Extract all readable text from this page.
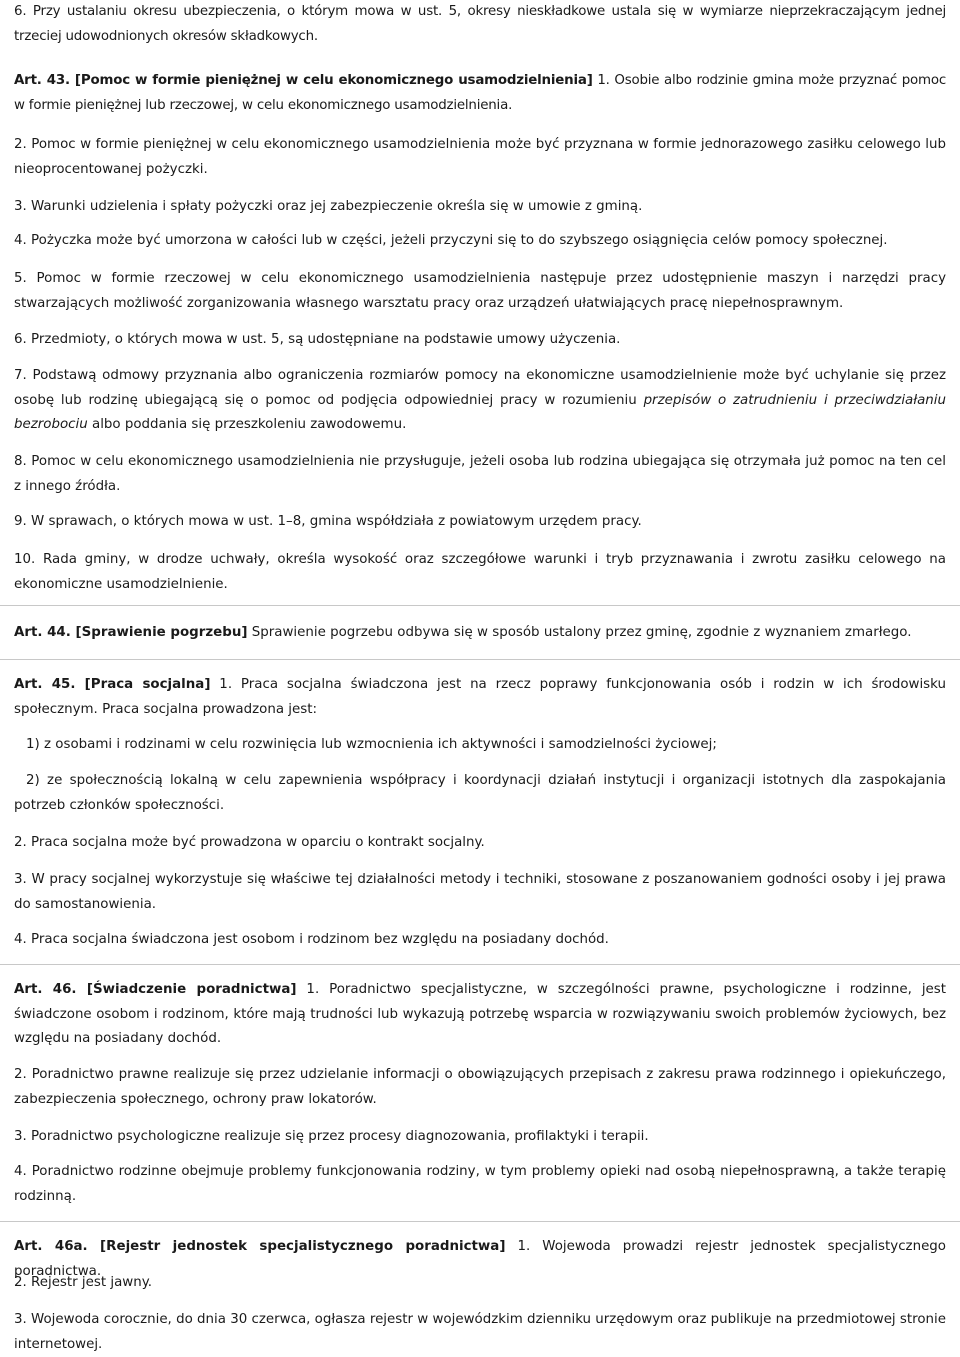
6. Przy ustalaniu okresu ubezpieczenia, o którym mowa w ust. 5, okresy nieskładkowe ustala się w wymiarze nieprzekraczającym jednej trzeciej udowodnionych okresów składkowych.

Art. 43. [Pomoc w formie pieniężnej w celu ekonomicznego usamodzielnienia] 1. Osobie albo rodzinie gmina może przyznać pomoc w formie pieniężnej lub rzeczowej, w celu ekonomicznego usamodzielnienia.

2. Pomoc w formie pieniężnej w celu ekonomicznego usamodzielnienia może być przyznana w formie jednorazowego zasiłku celowego lub nieoprocentowanej pożyczki.

3. Warunki udzielenia i spłaty pożyczki oraz jej zabezpieczenie określa się w umowie z gminą.

4. Pożyczka może być umorzona w całości lub w części, jeżeli przyczyni się to do szybszego osiągnięcia celów pomocy społecznej.

5. Pomoc w formie rzeczowej w celu ekonomicznego usamodzielnienia następuje przez udostępnienie maszyn i narzędzi pracy stwarzających możliwość zorganizowania własnego warsztatu pracy oraz urządzeń ułatwiających pracę niepełnosprawnym.

6. Przedmioty, o których mowa w ust. 5, są udostępniane na podstawie umowy użyczenia.

7. Podstawą odmowy przyznania albo ograniczenia rozmiarów pomocy na ekonomiczne usamodzielnienie może być uchylanie się przez osobę lub rodzinę ubiegającą się o pomoc od podjęcia odpowiedniej pracy w rozumieniu przepisów o zatrudnieniu i przeciwdziałaniu bezrobociu albo poddania się przeszkoleniu zawodowemu.

8. Pomoc w celu ekonomicznego usamodzielnienia nie przysługuje, jeżeli osoba lub rodzina ubiegająca się otrzymała już pomoc na ten cel z innego źródła.

9. W sprawach, o których mowa w ust. 1–8, gmina współdziała z powiatowym urzędem pracy.

10. Rada gminy, w drodze uchwały, określa wysokość oraz szczegółowe warunki i tryb przyznawania i zwrotu zasiłku celowego na ekonomiczne usamodzielnienie.

Art. 44. [Sprawienie pogrzebu] Sprawienie pogrzebu odbywa się w sposób ustalony przez gminę, zgodnie z wyznaniem zmarłego.

Art. 45. [Praca socjalna] 1. Praca socjalna świadczona jest na rzecz poprawy funkcjonowania osób i rodzin w ich środowisku społecznym. Praca socjalna prowadzona jest:

1) z osobami i rodzinami w celu rozwinięcia lub wzmocnienia ich aktywności i samodzielności życiowej;

2) ze społecznością lokalną w celu zapewnienia współpracy i koordynacji działań instytucji i organizacji istotnych dla zaspokajania potrzeb członków społeczności.

2. Praca socjalna może być prowadzona w oparciu o kontrakt socjalny.

3. W pracy socjalnej wykorzystuje się właściwe tej działalności metody i techniki, stosowane z poszanowaniem godności osoby i jej prawa do samostanowienia.

4. Praca socjalna świadczona jest osobom i rodzinom bez względu na posiadany dochód.

Art. 46. [Świadczenie poradnictwa] 1. Poradnictwo specjalistyczne, w szczególności prawne, psychologiczne i rodzinne, jest świadczone osobom i rodzinom, które mają trudności lub wykazują potrzebę wsparcia w rozwiązywaniu swoich problemów życiowych, bez względu na posiadany dochód.

2. Poradnictwo prawne realizuje się przez udzielanie informacji o obowiązujących przepisach z zakresu prawa rodzinnego i opiekuńczego, zabezpieczenia społecznego, ochrony praw lokatorów.

3. Poradnictwo psychologiczne realizuje się przez procesy diagnozowania, profilaktyki i terapii.

4. Poradnictwo rodzinne obejmuje problemy funkcjonowania rodziny, w tym problemy opieki nad osobą niepełnosprawną, a także terapię rodzinną.

Art. 46a. [Rejestr jednostek specjalistycznego poradnictwa] 1. Wojewoda prowadzi rejestr jednostek specjalistycznego poradnictwa.

2. Rejestr jest jawny.

3. Wojewoda corocznie, do dnia 30 czerwca, ogłasza rejestr w wojewódzkim dzienniku urzędowym oraz publikuje na przedmiotowej stronie internetowej.
